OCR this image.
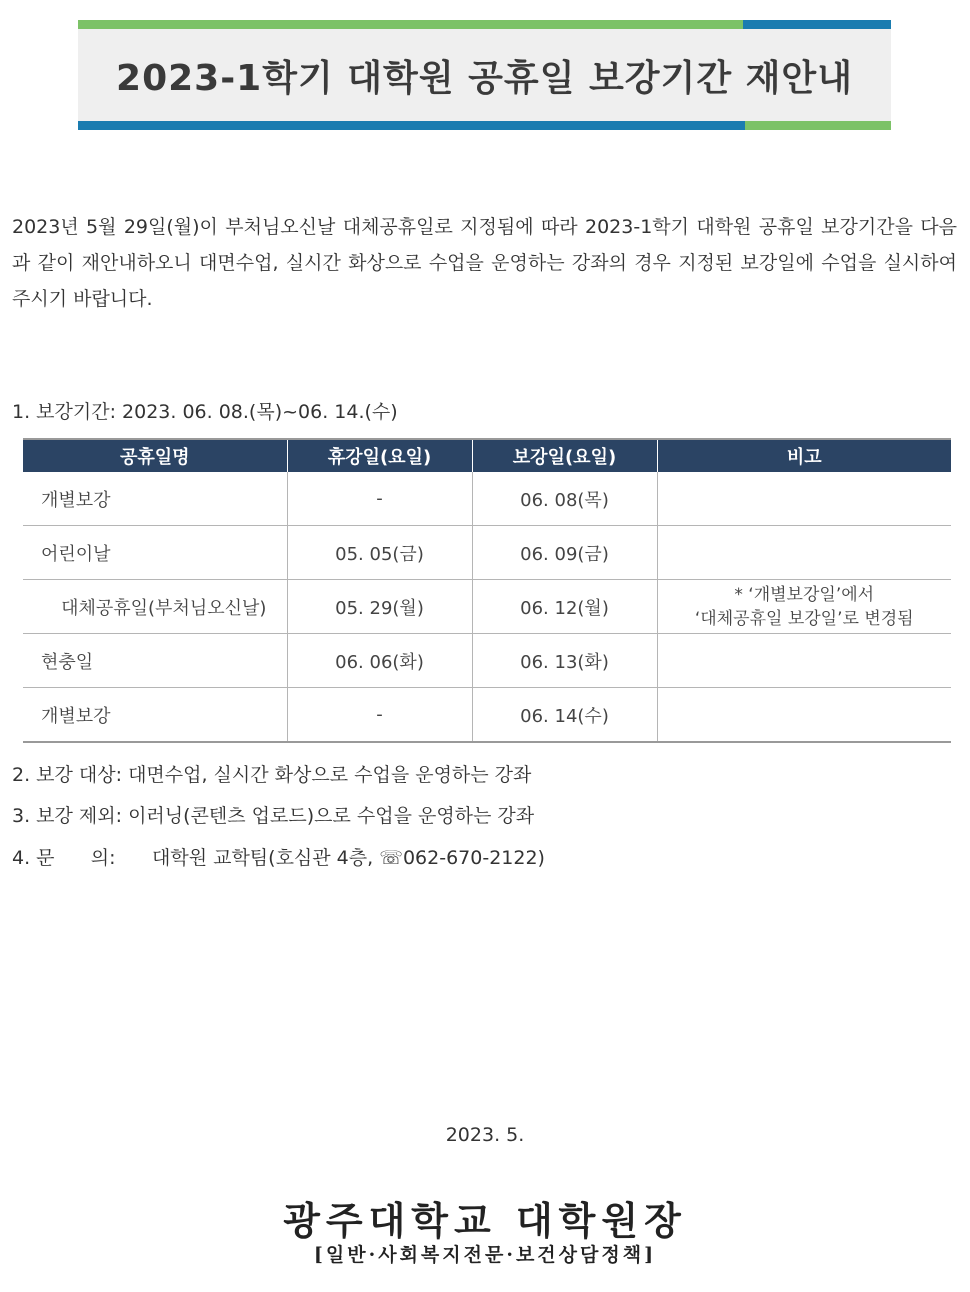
2023-1학기 대학원 공휴일 보강기간 재안내
2023년 5월 29일(월)이 부처님오신날 대체공휴일로 지정됨에 따라 2023-1학기 대학원 공휴일 보강기간을 다음과 같이 재안내하오니 대면수업, 실시간 화상으로 수업을 운영하는 강좌의 경우 지정된 보강일에 수업을 실시하여 주시기 바랍니다.
1. 보강기간: 2023. 06. 08.(목)~06. 14.(수)
공휴일명	휴강일(요일)	보강일(요일)	비고
개별보강	-	06. 08(목)	
어린이날	05. 05(금)	06. 09(금)	
대체공휴일(부처님오신날)	05. 29(월)	06. 12(월)	* ‘개별보강일’에서
‘대체공휴일 보강일’로 변경됨

현충일	06. 06(화)	06. 13(화)	
개별보강	-	06. 14(수)	
2. 보강 대상: 대면수업, 실시간 화상으로 수업을 운영하는 강좌
3. 보강 제외: 이러닝(콘텐츠 업로드)으로 수업을 운영하는 강좌
4. 문      의: 대학원 교학팀(호심관 4층, ☏062-670-2122)
2023. 5.
광주대학교 대학원장
[일반·사회복지전문·보건상담정책]
